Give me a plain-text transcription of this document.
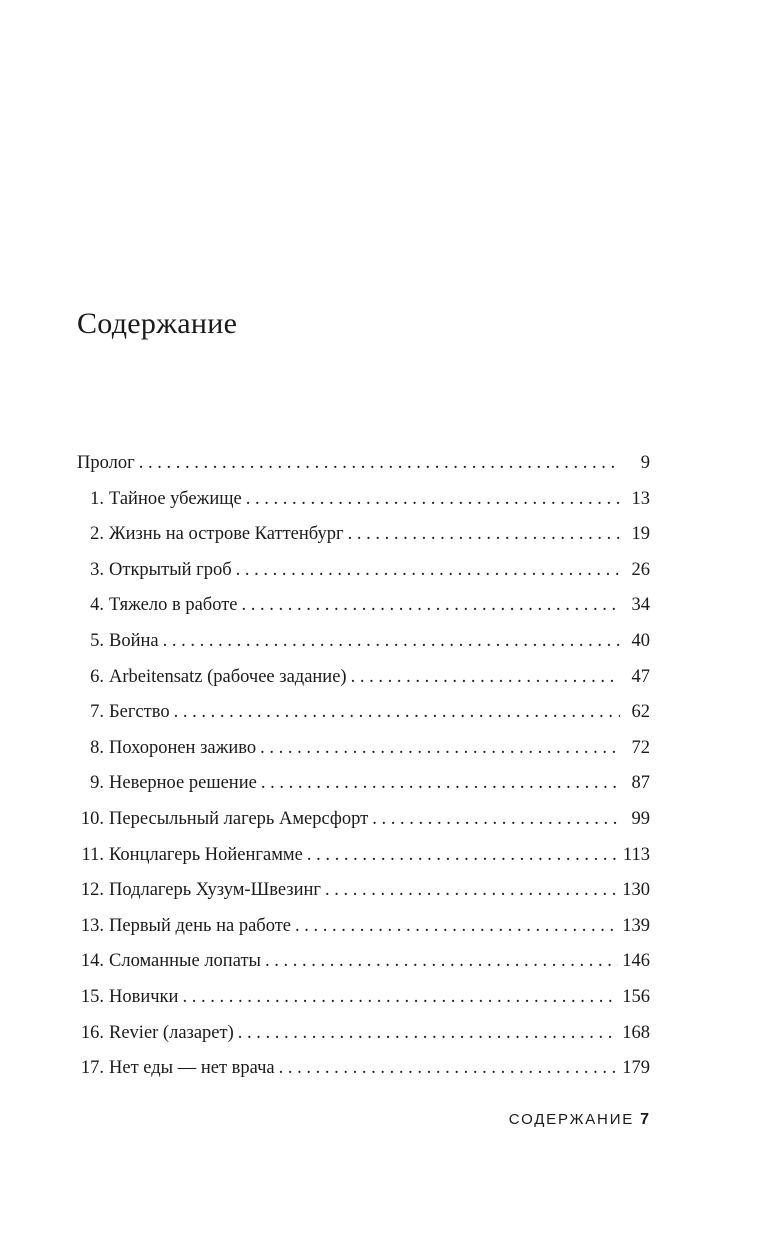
Содержание
Пролог . . .	9
1. Тайное убежище . . .	13
2. Жизнь на острове Каттенбург . . .	19
3. Открытый гроб . . .	26
4. Тяжело в работе . . .	34
5. Война . . .	40
6. Arbeitensatz (рабочее задание) . . .	47
7. Бегство . . .	62
8. Похоронен заживо . . .	72
9. Неверное решение . . .	87
10. Пересыльный лагерь Амерсфорт . . .	99
11. Концлагерь Нойенгамме . . .	113
12. Подлагерь Хузум-Швезинг . . .	130
13. Первый день на работе . . .	139
14. Сломанные лопаты . . .	146
15. Новички . . .	156
16. Revier (лазарет) . . .	168
17. Нет еды — нет врача . . .	179
СОДЕРЖАНИЕ 7
